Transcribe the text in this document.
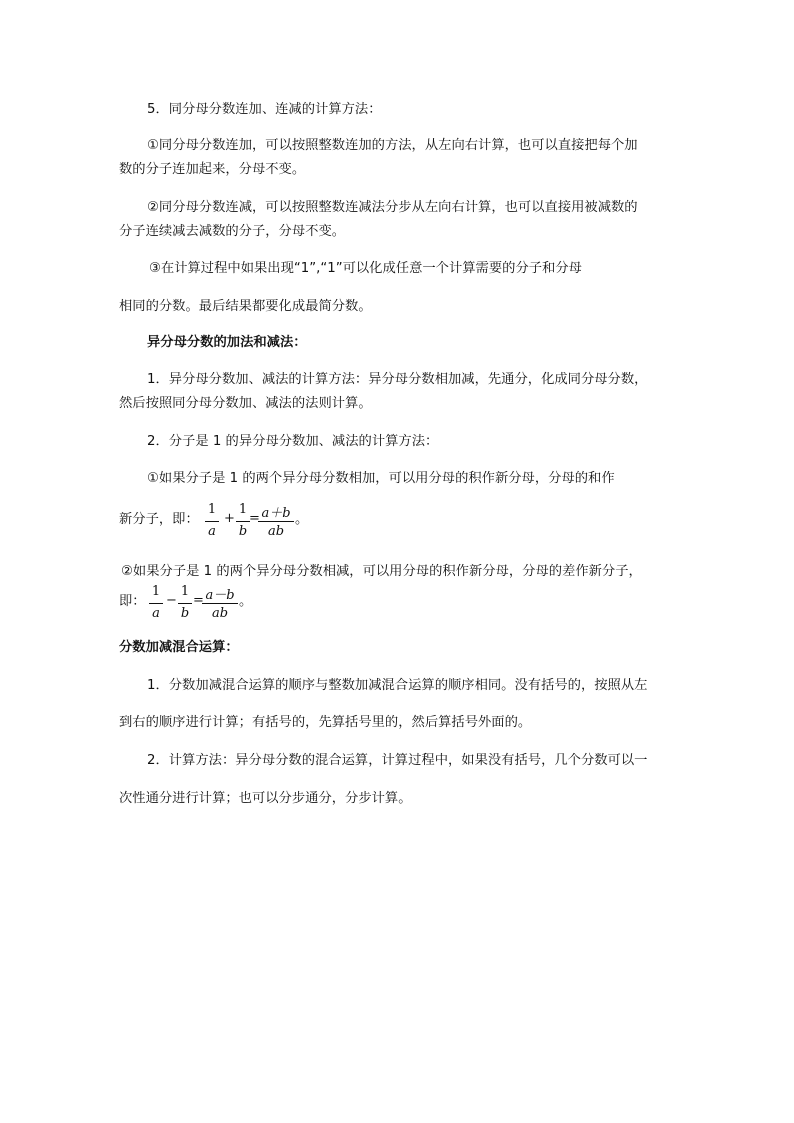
5．同分母分数连加、连减的计算方法：
①同分母分数连加，可以按照整数连加的方法，从左向右计算，也可以直接把每个加
数的分子连加起来，分母不变。
②同分母分数连减，可以按照整数连减法分步从左向右计算，也可以直接用被减数的
分子连续减去减数的分子，分母不变。
③在计算过程中如果出现“1”,“1”可以化成任意一个计算需要的分子和分母
相同的分数。最后结果都要化成最简分数。
异分母分数的加法和减法：
1．异分母分数加、减法的计算方法：异分母分数相加减，先通分，化成同分母分数，
然后按照同分母分数加、减法的法则计算。
2．分子是 1 的异分母分数加、减法的计算方法：
①如果分子是 1 的两个异分母分数相加，可以用分母的积作新分母，分母的和作
新分子，即：
1
a
+
1
b
= a＋b
ab
。
②如果分子是 1 的两个异分母分数相减，可以用分母的积作新分母，分母的差作新分子，
即：
1
a
−
1
b
= a－b
ab
。
分数加减混合运算：
1．分数加减混合运算的顺序与整数加减混合运算的顺序相同。没有括号的，按照从左
到右的顺序进行计算；有括号的，先算括号里的，然后算括号外面的。
2．计算方法：异分母分数的混合运算，计算过程中，如果没有括号，几个分数可以一
次性通分进行计算；也可以分步通分，分步计算。
